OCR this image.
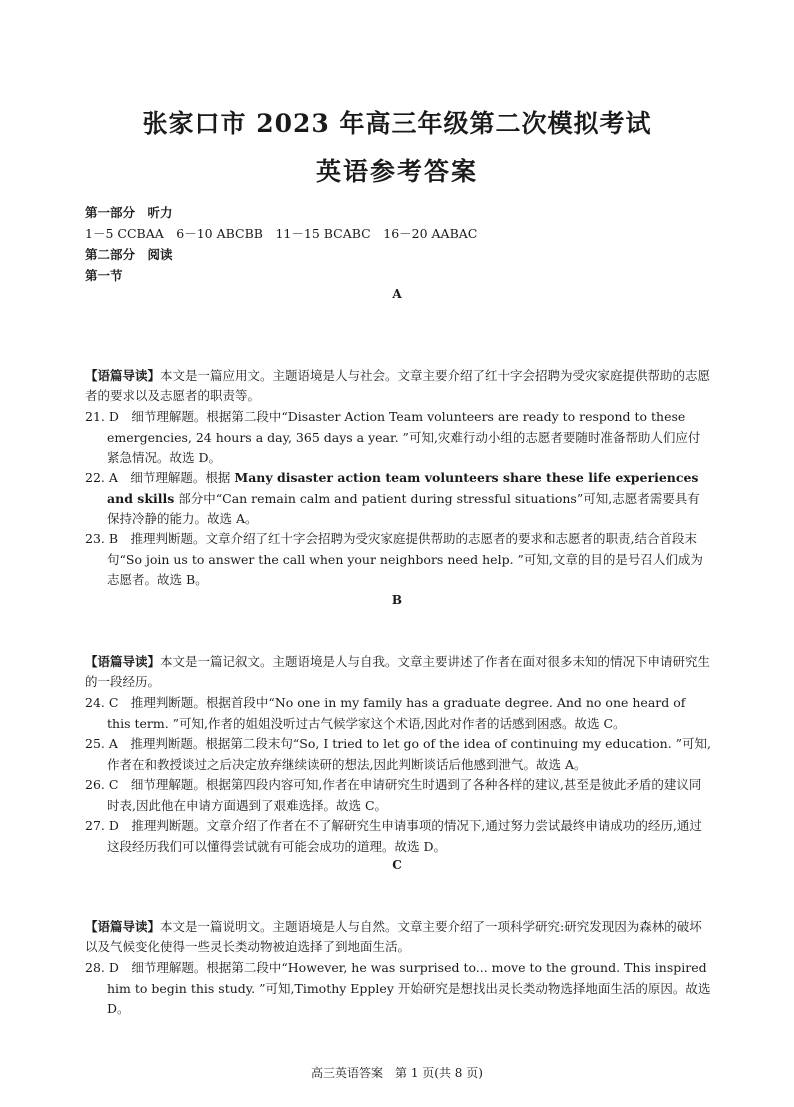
张家口市 2023 年高三年级第二次模拟考试
英语参考答案
第一部分　听力
1－5 CCBAA　6－10 ABCBB　11－15 BCABC　16－20 AABAC
第二部分　阅读
第一节
A
【语篇导读】本文是一篇应用文。主题语境是人与社会。文章主要介绍了红十字会招聘为受灾家庭提供帮助的志愿者的要求以及志愿者的职责等。
21. D　细节理解题。根据第二段中“Disaster Action Team volunteers are ready to respond to these emergencies, 24 hours a day, 365 days a year. ”可知,灾难行动小组的志愿者要随时准备帮助人们应付紧急情况。故选 D。
22. A　细节理解题。根据 Many disaster action team volunteers share these life experiences and skills 部分中“Can remain calm and patient during stressful situations”可知,志愿者需要具有保持冷静的能力。故选 A。
23. B　推理判断题。文章介绍了红十字会招聘为受灾家庭提供帮助的志愿者的要求和志愿者的职责,结合首段末句“So join us to answer the call when your neighbors need help. ”可知,文章的目的是号召人们成为志愿者。故选 B。
B
【语篇导读】本文是一篇记叙文。主题语境是人与自我。文章主要讲述了作者在面对很多未知的情况下申请研究生的一段经历。
24. C　推理判断题。根据首段中“No one in my family has a graduate degree. And no one heard of this term. ”可知,作者的姐姐没听过古气候学家这个术语,因此对作者的话感到困惑。故选 C。
25. A　推理判断题。根据第二段末句“So, I tried to let go of the idea of continuing my education. ”可知,作者在和教授谈过之后决定放弃继续读研的想法,因此判断谈话后他感到泄气。故选 A。
26. C　细节理解题。根据第四段内容可知,作者在申请研究生时遇到了各种各样的建议,甚至是彼此矛盾的建议同时表,因此他在申请方面遇到了艰难选择。故选 C。
27. D　推理判断题。文章介绍了作者在不了解研究生申请事项的情况下,通过努力尝试最终申请成功的经历,通过这段经历我们可以懂得尝试就有可能会成功的道理。故选 D。
C
【语篇导读】本文是一篇说明文。主题语境是人与自然。文章主要介绍了一项科学研究:研究发现因为森林的破坏以及气候变化使得一些灵长类动物被迫选择了到地面生活。
28. D　细节理解题。根据第二段中“However, he was surprised to... move to the ground. This inspired him to begin this study. ”可知,Timothy Eppley 开始研究是想找出灵长类动物选择地面生活的原因。故选 D。
高三英语答案　第 1 页(共 8 页)
